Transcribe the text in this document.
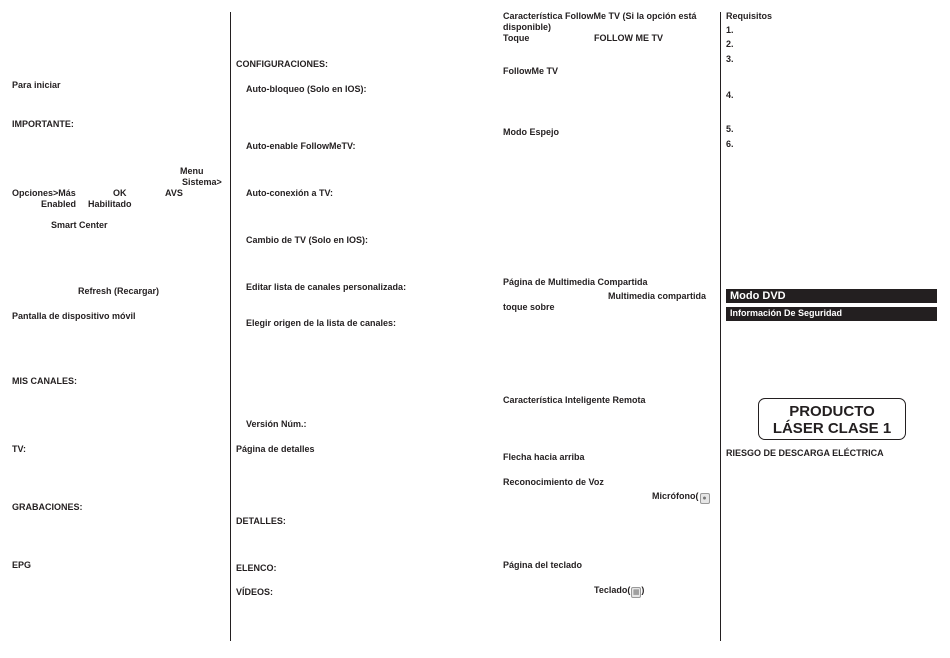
Para iniciar
IMPORTANTE:
Menu
Sistema>
Opciones>Más	OK	AVS
Enabled Habilitado
Smart Center
Refresh (Recargar)
Pantalla de dispositivo móvil
MIS CANALES:
TV:
GRABACIONES:
EPG
CONFIGURACIONES:
Auto-bloqueo (Solo en IOS):
Auto-enable FollowMeTV:
Auto-conexión a TV:
Cambio de TV (Solo en IOS):
Editar lista de canales personalizada:
Elegir origen de la lista de canales:
Versión Núm.:
Página de detalles
DETALLES:
ELENCO:
VÍDEOS:
Característica FollowMe TV (Si la opción está
disponible)
Toque	FOLLOW ME TV
FollowMe TV
Modo Espejo
Página de Multimedia Compartida
Multimedia compartida
toque sobre
Característica Inteligente Remota
Flecha hacia arriba
Reconocimiento de Voz
Micrófono( ●
Página del teclado
Teclado( ▦ )
Requisitos
1.
2.
3.
4.
5.
6.
Modo DVD
Información De Seguridad
PRODUCTO
LÁSER CLASE 1
RIESGO DE DESCARGA ELÉCTRICA
